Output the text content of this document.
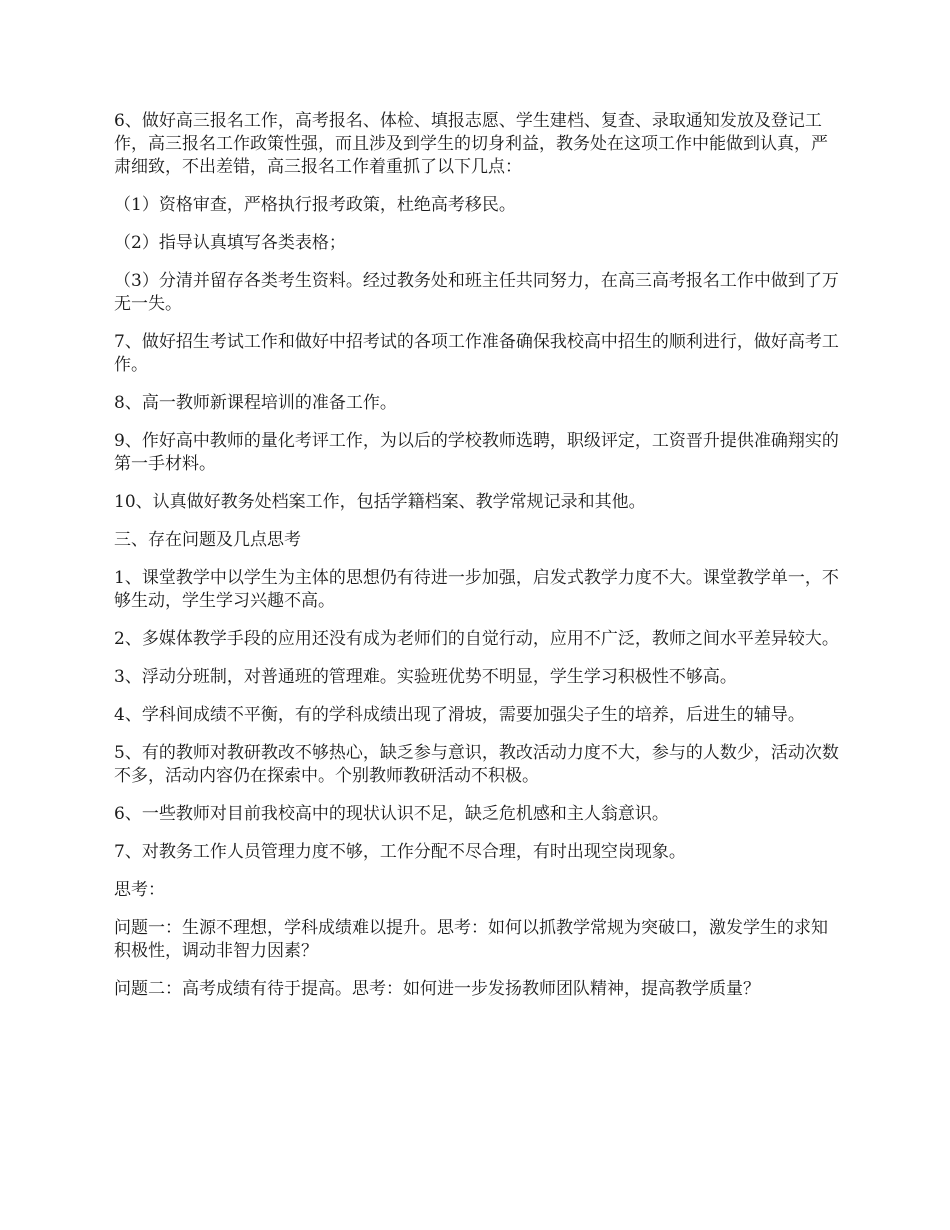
6、做好高三报名工作，高考报名、体检、填报志愿、学生建档、复查、录取通知发放及登记工作，高三报名工作政策性强，而且涉及到学生的切身利益，教务处在这项工作中能做到认真，严肃细致，不出差错，高三报名工作着重抓了以下几点：

（1）资格审查，严格执行报考政策，杜绝高考移民。

（2）指导认真填写各类表格；

（3）分清并留存各类考生资料。经过教务处和班主任共同努力，在高三高考报名工作中做到了万无一失。

7、做好招生考试工作和做好中招考试的各项工作准备确保我校高中招生的顺利进行，做好高考工作。

8、高一教师新课程培训的准备工作。

9、作好高中教师的量化考评工作，为以后的学校教师选聘，职级评定，工资晋升提供准确翔实的第一手材料。

10、认真做好教务处档案工作，包括学籍档案、教学常规记录和其他。

三、存在问题及几点思考

1、课堂教学中以学生为主体的思想仍有待进一步加强，启发式教学力度不大。课堂教学单一，不够生动，学生学习兴趣不高。

2、多媒体教学手段的应用还没有成为老师们的自觉行动，应用不广泛，教师之间水平差异较大。

3、浮动分班制，对普通班的管理难。实验班优势不明显，学生学习积极性不够高。

4、学科间成绩不平衡，有的学科成绩出现了滑坡，需要加强尖子生的培养，后进生的辅导。

5、有的教师对教研教改不够热心，缺乏参与意识，教改活动力度不大，参与的人数少，活动次数不多，活动内容仍在探索中。个别教师教研活动不积极。

6、一些教师对目前我校高中的现状认识不足，缺乏危机感和主人翁意识。

7、对教务工作人员管理力度不够，工作分配不尽合理，有时出现空岗现象。

思考：

问题一：生源不理想，学科成绩难以提升。思考：如何以抓教学常规为突破口，激发学生的求知积极性，调动非智力因素？

问题二：高考成绩有待于提高。思考：如何进一步发扬教师团队精神，提高教学质量？
